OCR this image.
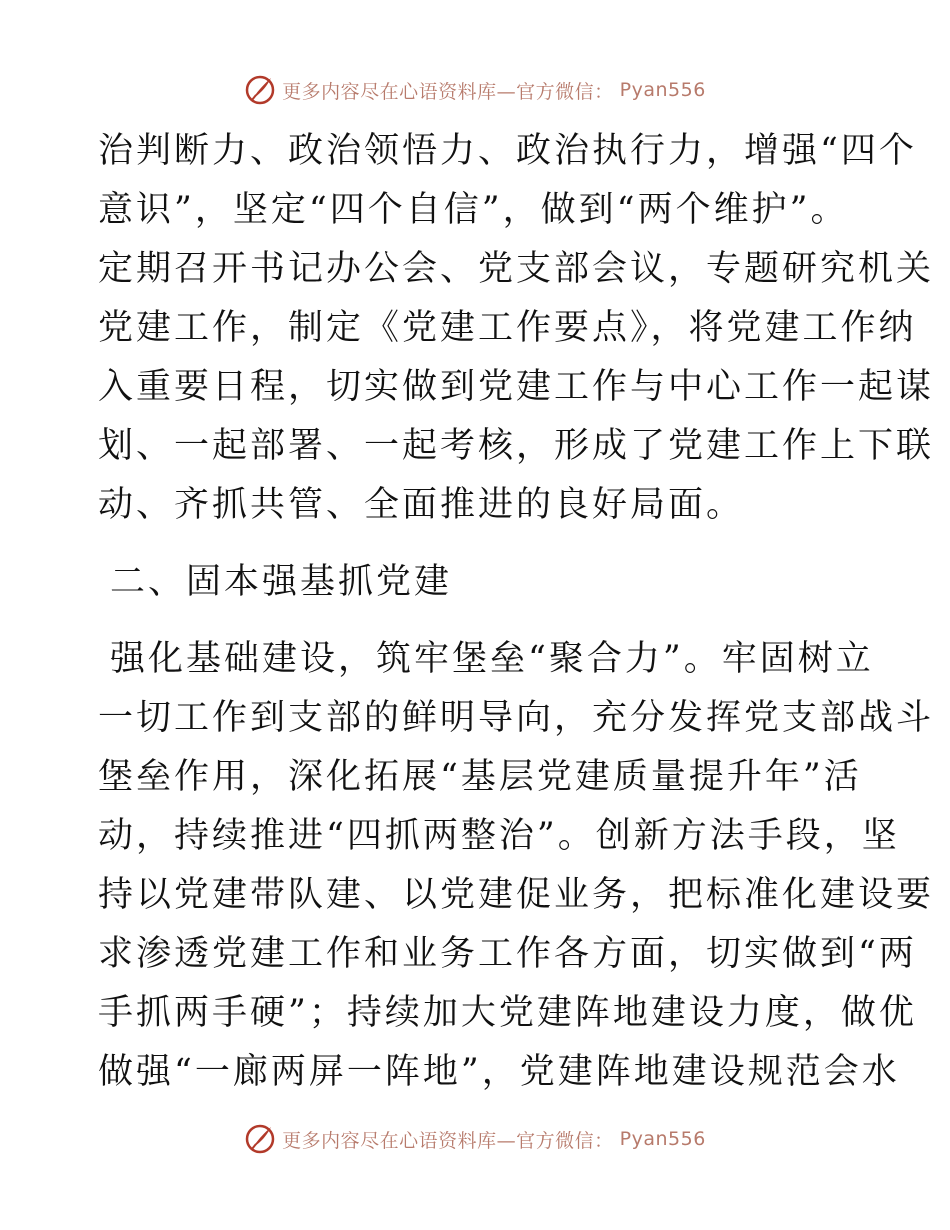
更多内容尽在心语资料库—官方微信： Pyan556
治判断力、政治领悟力、政治执行力，增强“四个
意识”，坚定“四个自信”，做到“两个维护”。
定期召开书记办公会、党支部会议，专题研究机关
党建工作，制定《党建工作要点》，将党建工作纳
入重要日程，切实做到党建工作与中心工作一起谋
划、一起部署、一起考核，形成了党建工作上下联
动、齐抓共管、全面推进的良好局面。
二、固本强基抓党建
强化基础建设，筑牢堡垒“聚合力”。牢固树立
一切工作到支部的鲜明导向，充分发挥党支部战斗
堡垒作用，深化拓展“基层党建质量提升年”活
动，持续推进“四抓两整治”。创新方法手段，坚
持以党建带队建、以党建促业务，把标准化建设要
求渗透党建工作和业务工作各方面，切实做到“两
手抓两手硬”；持续加大党建阵地建设力度，做优
做强“一廊两屏一阵地”，党建阵地建设规范会水
更多内容尽在心语资料库—官方微信： Pyan556
